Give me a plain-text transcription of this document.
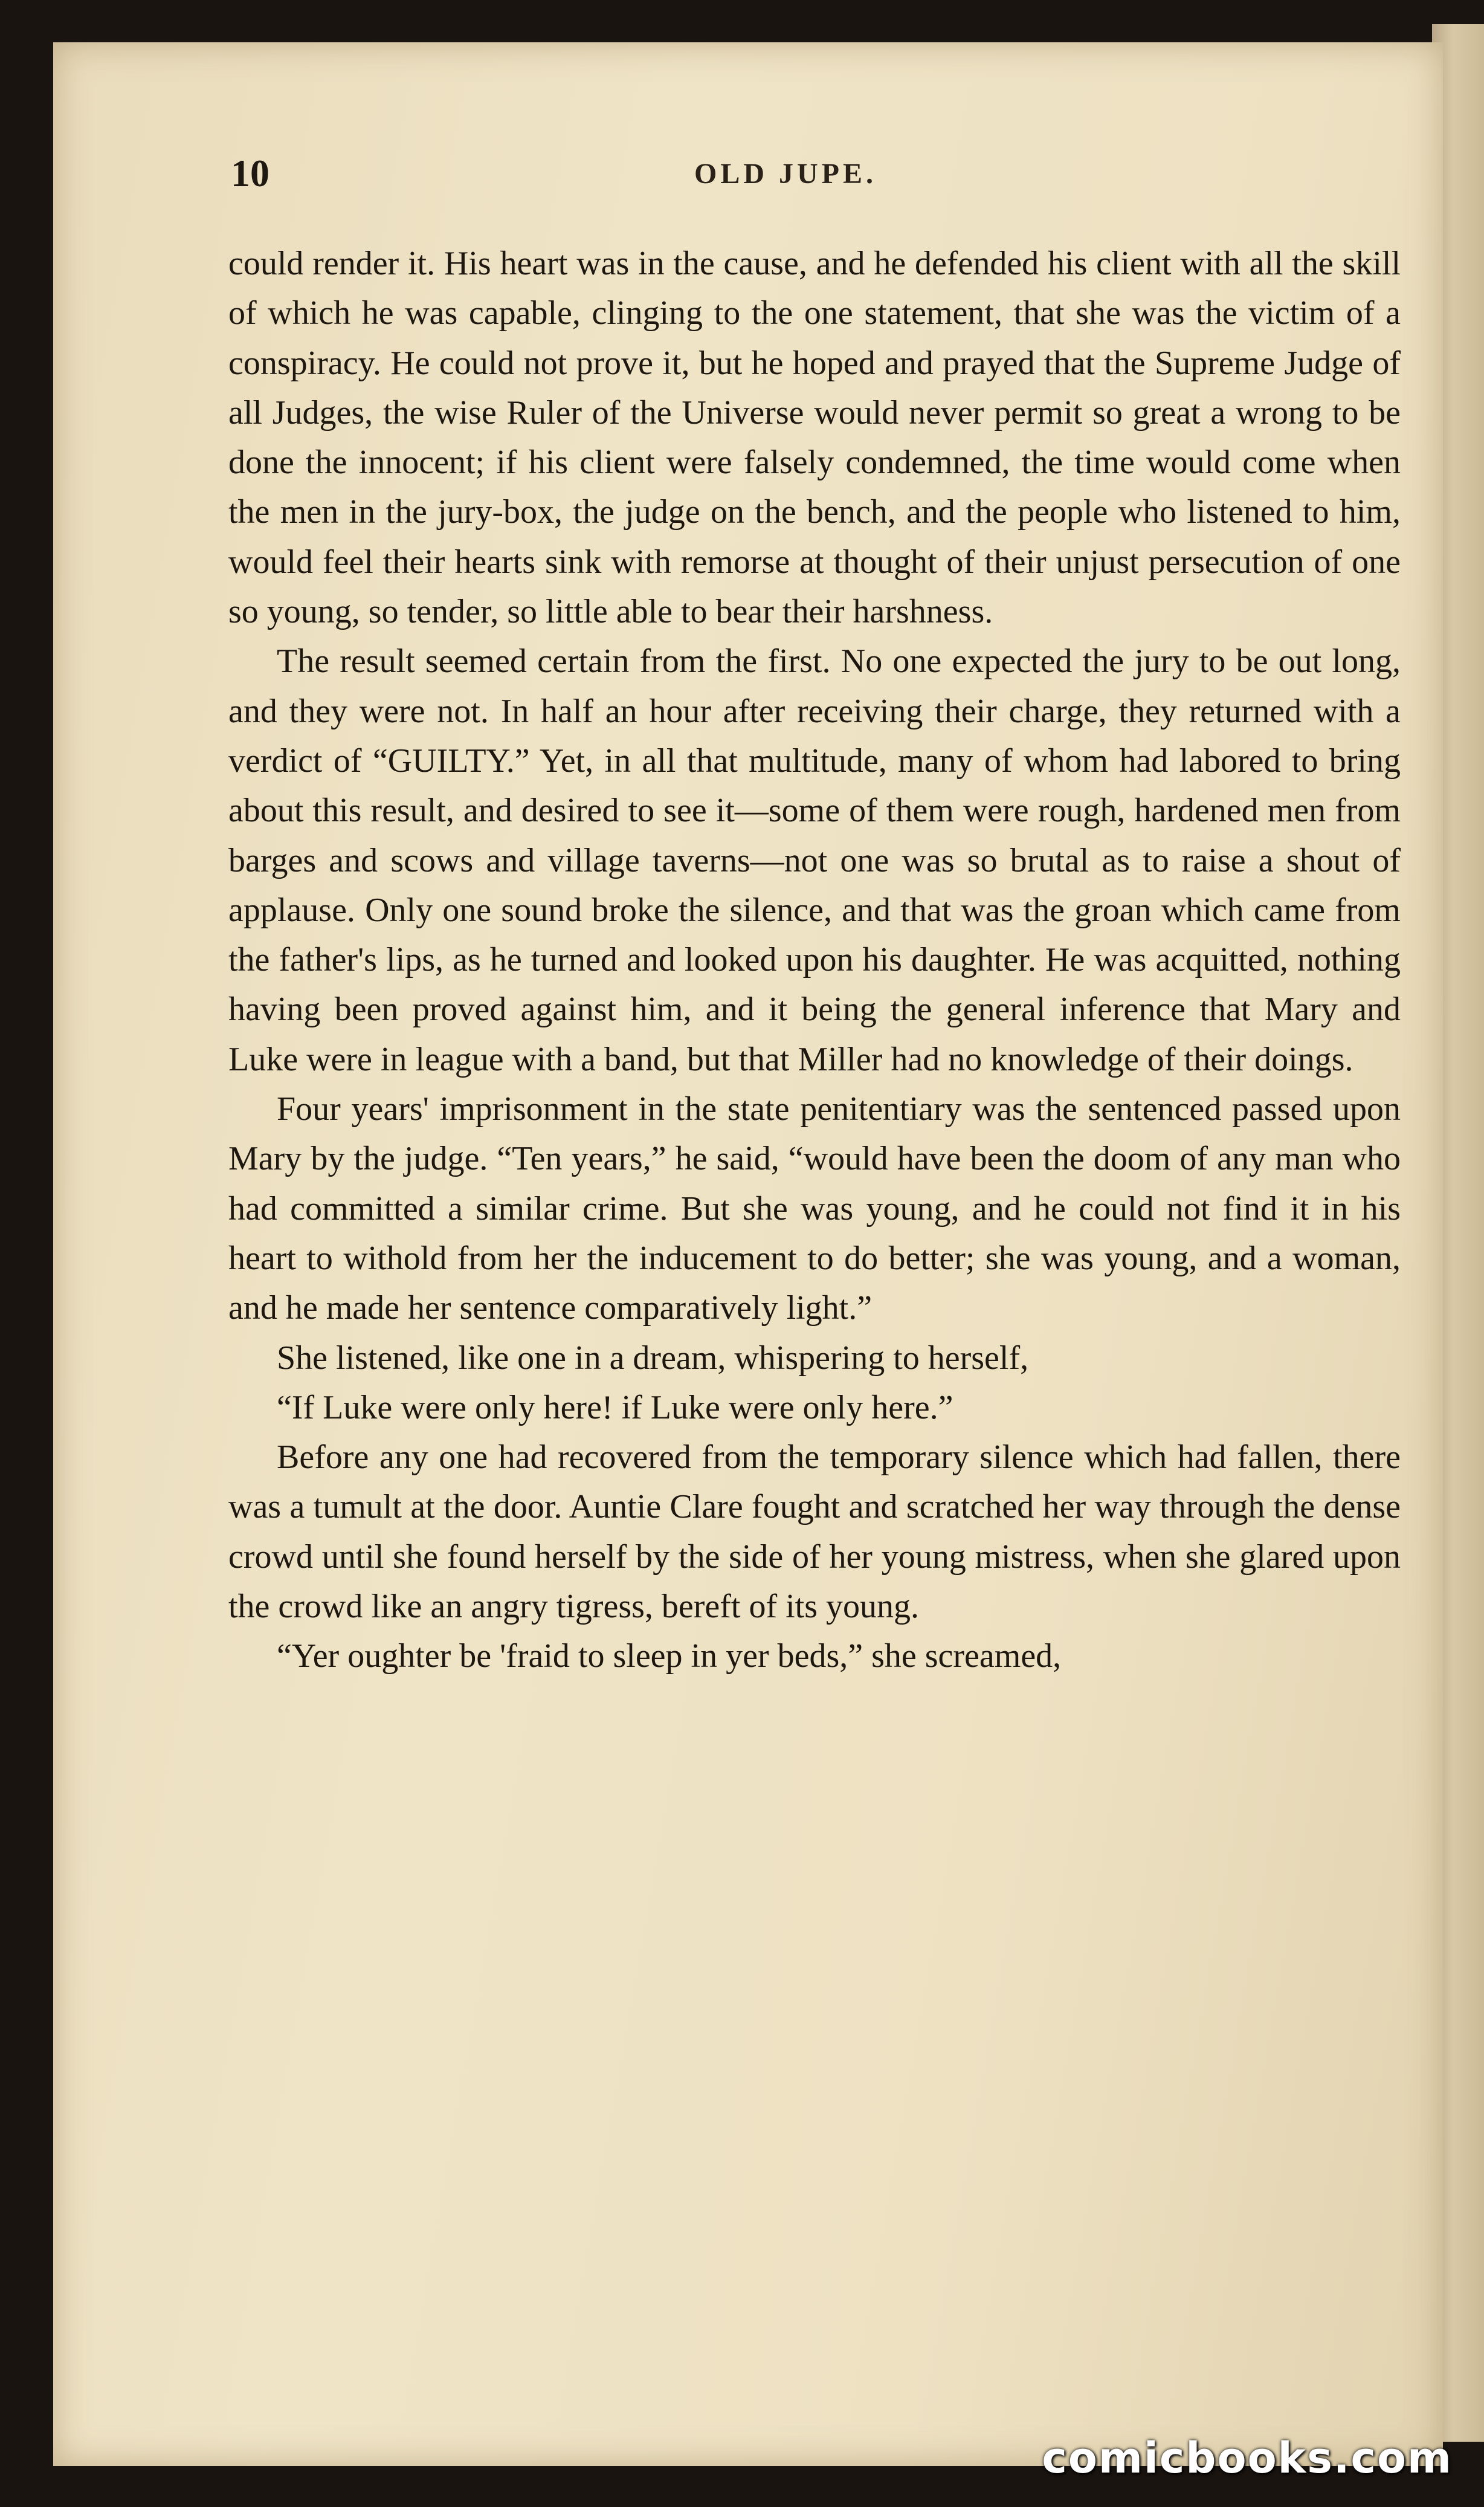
10	OLD JUPE.

could render it. His heart was in the cause, and he defended his client with all the skill of which he was capable, clinging to the one statement, that she was the victim of a conspiracy. He could not prove it, but he hoped and prayed that the Supreme Judge of all Judges, the wise Ruler of the Universe would never permit so great a wrong to be done the innocent; if his client were falsely condemned, the time would come when the men in the jury-box, the judge on the bench, and the people who listened to him, would feel their hearts sink with remorse at thought of their unjust persecution of one so young, so tender, so little able to bear their harshness.

The result seemed certain from the first. No one expected the jury to be out long, and they were not. In half an hour after receiving their charge, they returned with a verdict of “GUILTY.” Yet, in all that multitude, many of whom had labored to bring about this result, and desired to see it—some of them were rough, hardened men from barges and scows and village taverns—not one was so brutal as to raise a shout of applause. Only one sound broke the silence, and that was the groan which came from the father's lips, as he turned and looked upon his daughter. He was acquitted, nothing having been proved against him, and it being the general inference that Mary and Luke were in league with a band, but that Miller had no knowledge of their doings.

Four years' imprisonment in the state penitentiary was the sentenced passed upon Mary by the judge. “Ten years,” he said, “would have been the doom of any man who had committed a similar crime. But she was young, and he could not find it in his heart to withold from her the inducement to do better; she was young, and a woman, and he made her sentence comparatively light.”

She listened, like one in a dream, whispering to herself,

“If Luke were only here! if Luke were only here.”

Before any one had recovered from the temporary silence which had fallen, there was a tumult at the door. Auntie Clare fought and scratched her way through the dense crowd until she found herself by the side of her young mistress, when she glared upon the crowd like an angry tigress, bereft of its young.

“Yer oughter be 'fraid to sleep in yer beds,” she screamed,

comicbooks.com
